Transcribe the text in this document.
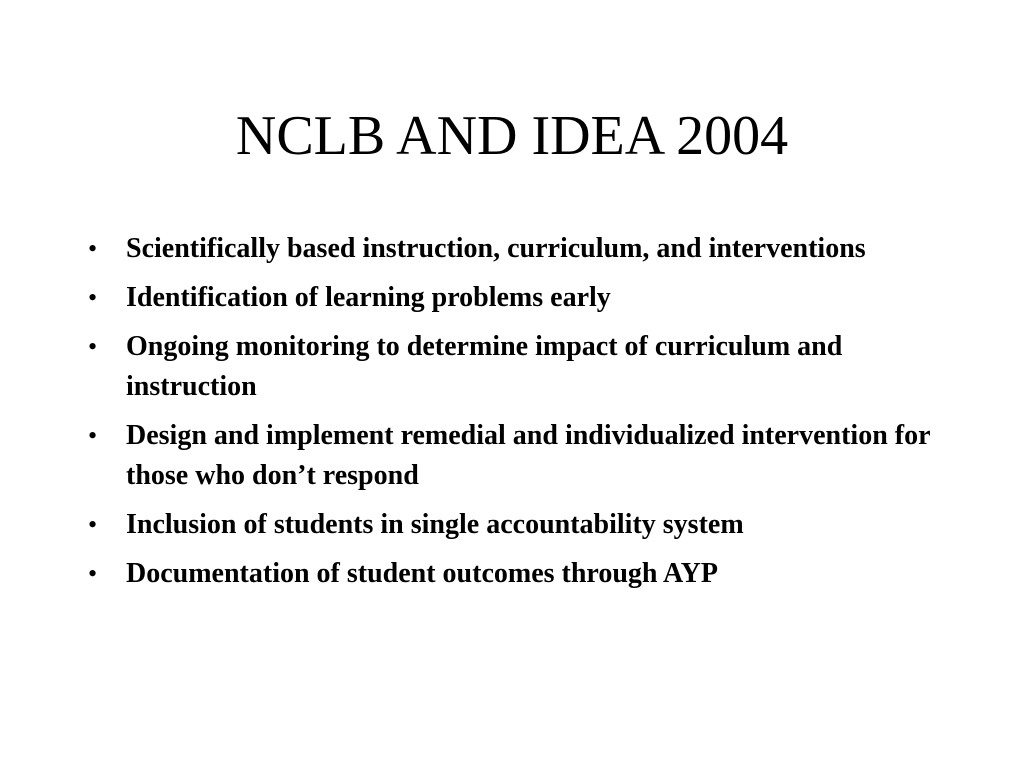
NCLB AND IDEA 2004
• Scientifically based instruction, curriculum, and interventions
• Identification of learning problems early
• Ongoing monitoring to determine impact of curriculum and instruction
• Design and implement remedial and individualized intervention for those who don’t respond
• Inclusion of students in single accountability system
• Documentation of student outcomes through AYP
